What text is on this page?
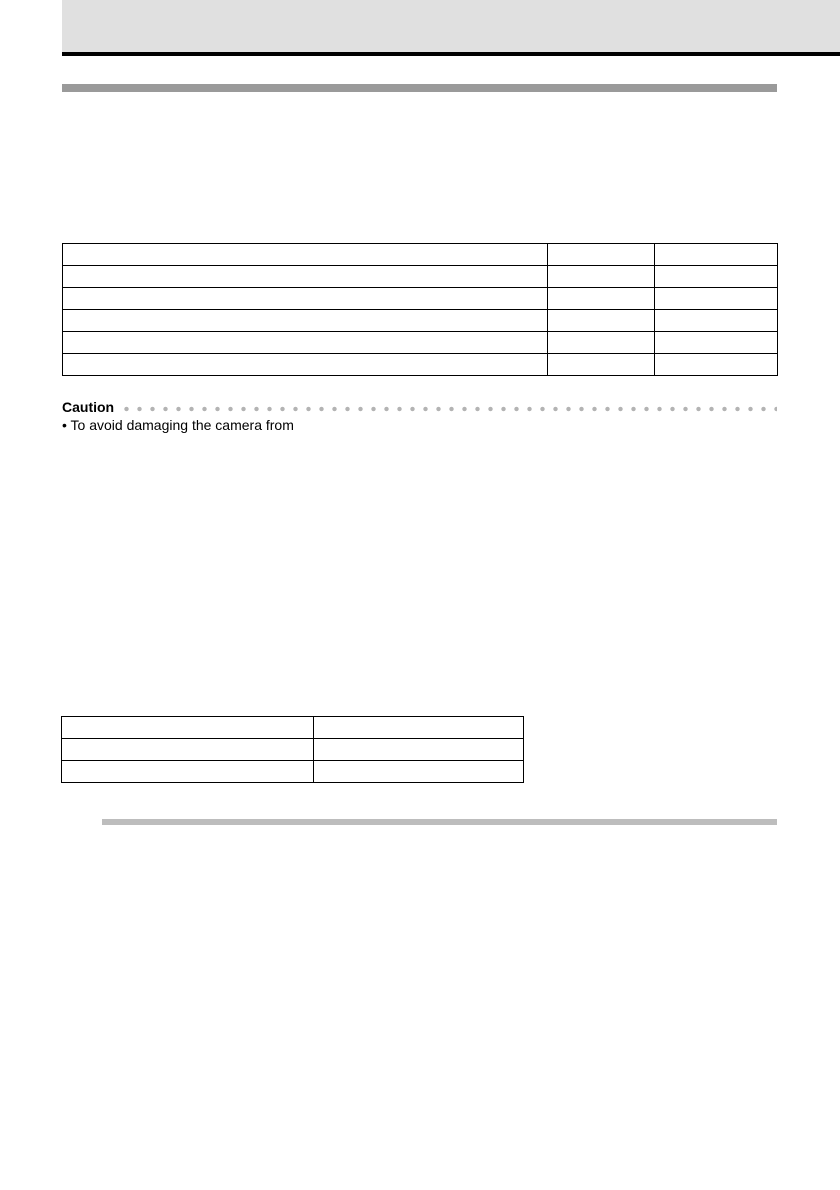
Caution
• To avoid damaging the camera from
